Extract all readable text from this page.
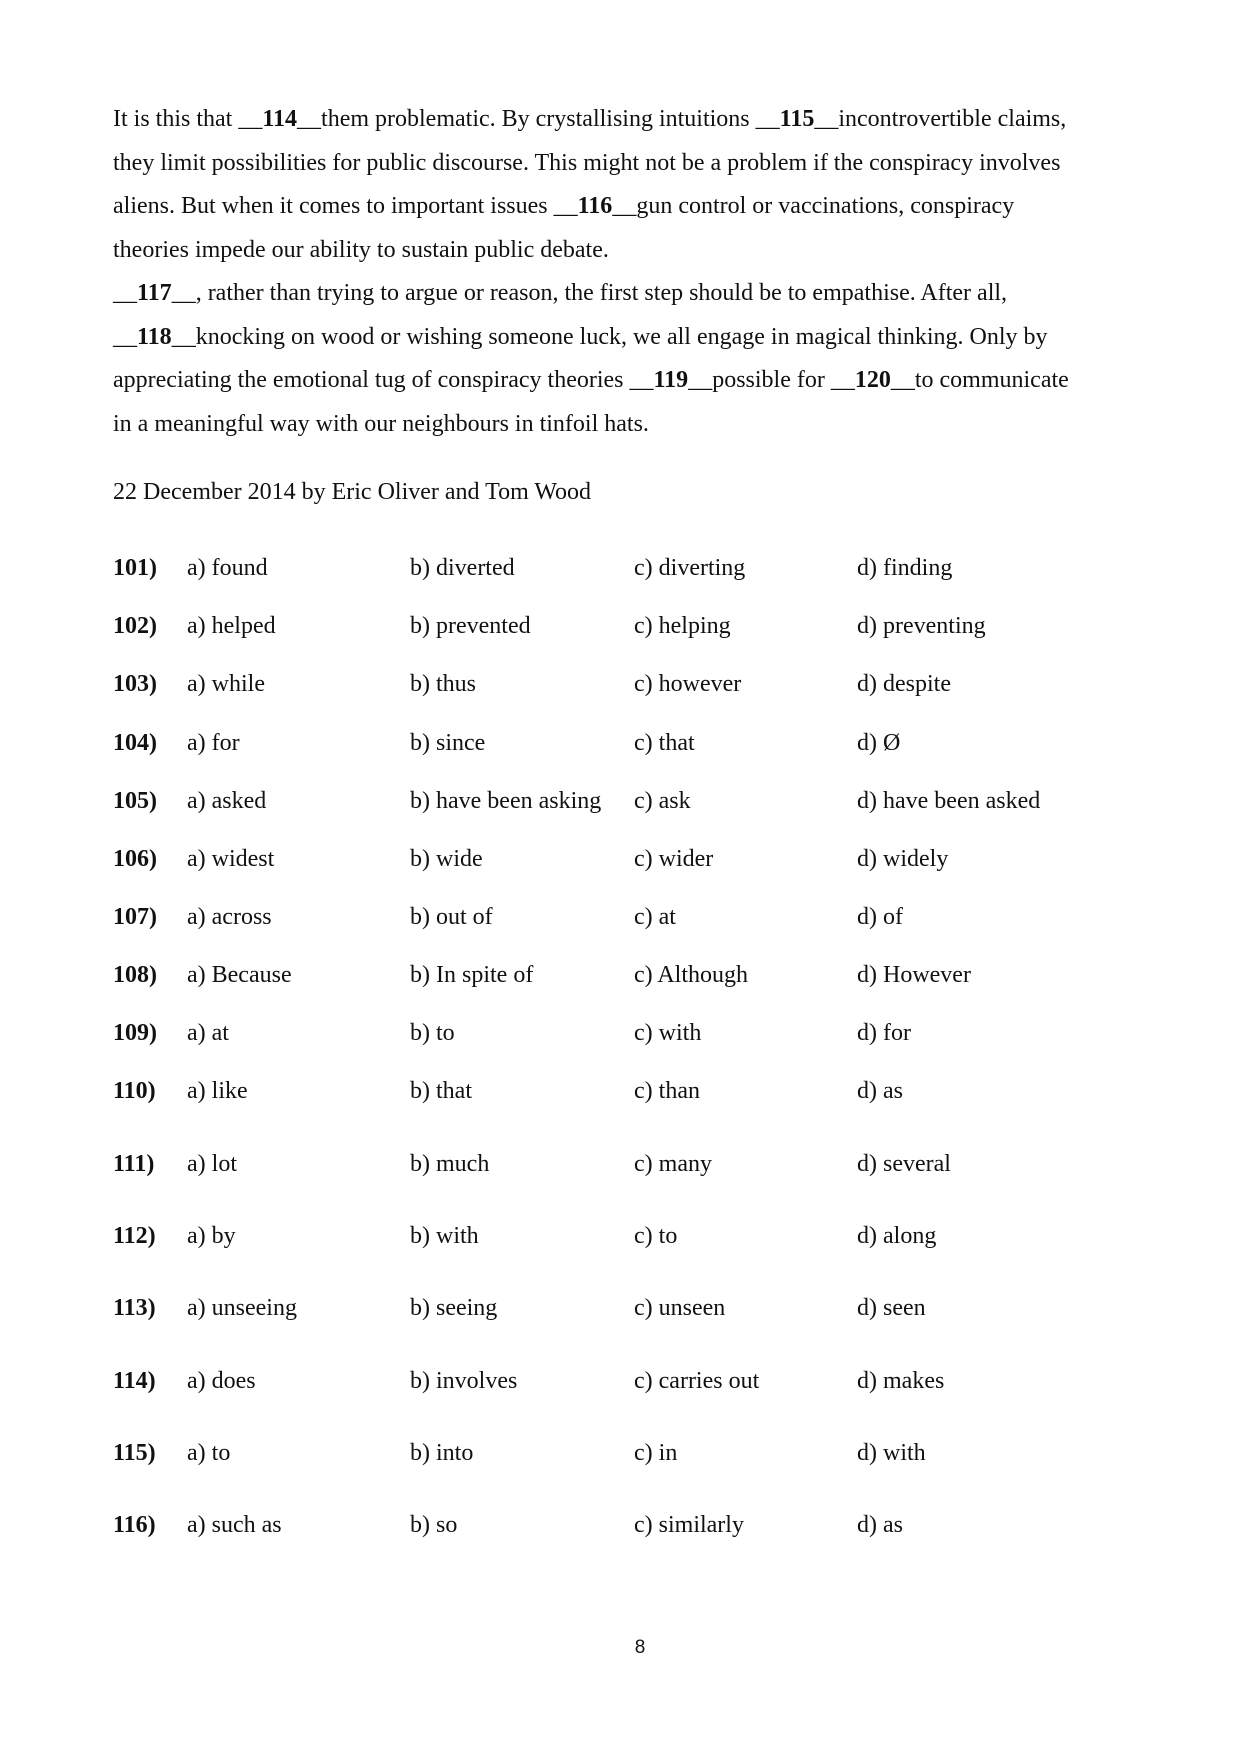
It is this that __114__them problematic. By crystallising intuitions __115__incontrovertible claims,

they limit possibilities for public discourse. This might not be a problem if the conspiracy involves

aliens. But when it comes to important issues __116__gun control or vaccinations, conspiracy

theories impede our ability to sustain public debate.

__117__, rather than trying to argue or reason, the first step should be to empathise. After all,

__118__knocking on wood or wishing someone luck, we all engage in magical thinking. Only by

appreciating the emotional tug of conspiracy theories __119__possible for __120__to communicate

in a meaningful way with our neighbours in tinfoil hats.

22 December 2014 by Eric Oliver and Tom Wood

101) a) found	b) diverted	c) diverting	d) finding
102) a) helped	b) prevented	c) helping	d) preventing
103) a) while	b) thus	c) however	d) despite
104) a) for	b) since	c) that	d) Ø
105) a) asked	b) have been asking c) ask	d) have been asked
106) a) widest	b) wide	c) wider	d) widely
107) a) across	b) out of	c) at	d) of
108) a) Because	b) In spite of	c) Although	d) However
109) a) at	b) to	c) with	d) for
110) a) like	b) that	c) than	d) as
111) a) lot	b) much	c) many	d) several
112) a) by	b) with	c) to	d) along
113) a) unseeing	b) seeing	c) unseen	d) seen
114) a) does	b) involves	c) carries out	d) makes
115) a) to	b) into	c) in	d) with
116) a) such as	b) so	c) similarly	d) as
8
